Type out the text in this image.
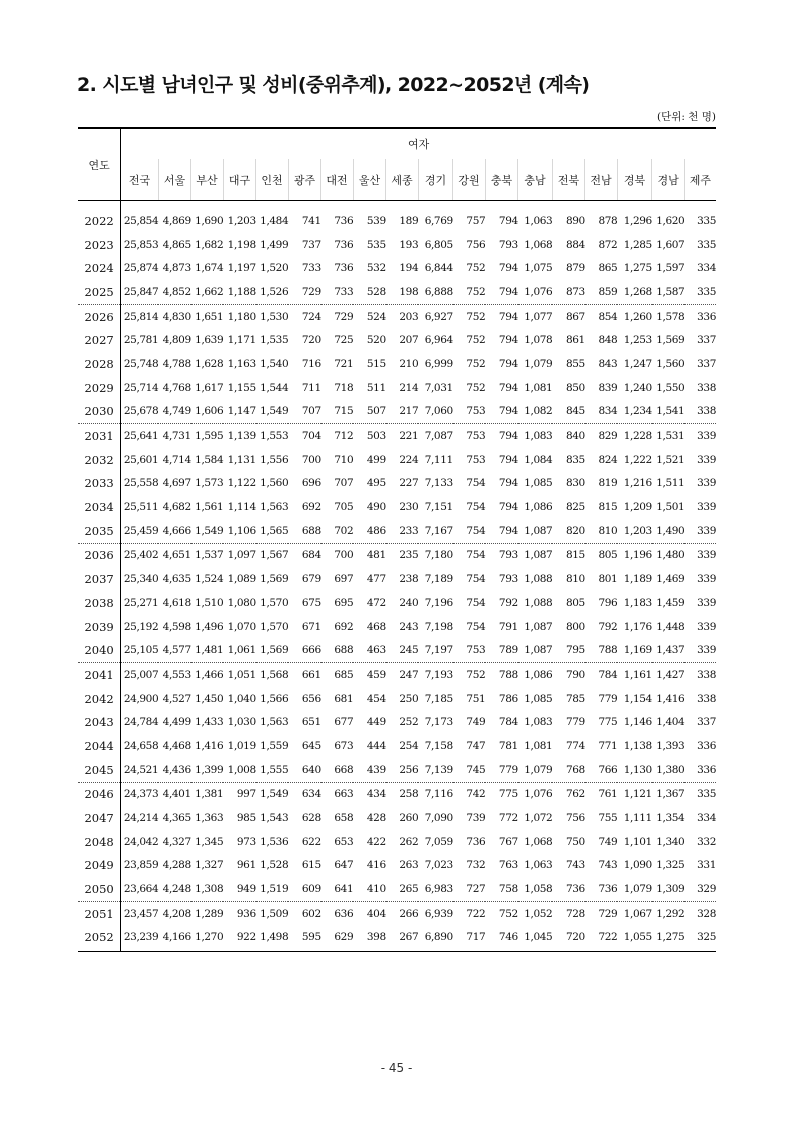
2. 시도별 남녀인구 및 성비(중위추계), 2022~2052년 (계속)
(단위: 천 명)
연도	여자																	
	전국	서울	부산	대구	인천	광주	대전	울산	세종	경기	강원	충북	충남	전북	전남	경북	경남	제주
2022	25,854	4,869	1,690	1,203	1,484	741	736	539	189	6,769	757	794	1,063	890	878	1,296	1,620	335
2023	25,853	4,865	1,682	1,198	1,499	737	736	535	193	6,805	756	793	1,068	884	872	1,285	1,607	335
2024	25,874	4,873	1,674	1,197	1,520	733	736	532	194	6,844	752	794	1,075	879	865	1,275	1,597	334
2025	25,847	4,852	1,662	1,188	1,526	729	733	528	198	6,888	752	794	1,076	873	859	1,268	1,587	335
2026	25,814	4,830	1,651	1,180	1,530	724	729	524	203	6,927	752	794	1,077	867	854	1,260	1,578	336
2027	25,781	4,809	1,639	1,171	1,535	720	725	520	207	6,964	752	794	1,078	861	848	1,253	1,569	337
2028	25,748	4,788	1,628	1,163	1,540	716	721	515	210	6,999	752	794	1,079	855	843	1,247	1,560	337
2029	25,714	4,768	1,617	1,155	1,544	711	718	511	214	7,031	752	794	1,081	850	839	1,240	1,550	338
2030	25,678	4,749	1,606	1,147	1,549	707	715	507	217	7,060	753	794	1,082	845	834	1,234	1,541	338
2031	25,641	4,731	1,595	1,139	1,553	704	712	503	221	7,087	753	794	1,083	840	829	1,228	1,531	339
2032	25,601	4,714	1,584	1,131	1,556	700	710	499	224	7,111	753	794	1,084	835	824	1,222	1,521	339
2033	25,558	4,697	1,573	1,122	1,560	696	707	495	227	7,133	754	794	1,085	830	819	1,216	1,511	339
2034	25,511	4,682	1,561	1,114	1,563	692	705	490	230	7,151	754	794	1,086	825	815	1,209	1,501	339
2035	25,459	4,666	1,549	1,106	1,565	688	702	486	233	7,167	754	794	1,087	820	810	1,203	1,490	339
2036	25,402	4,651	1,537	1,097	1,567	684	700	481	235	7,180	754	793	1,087	815	805	1,196	1,480	339
2037	25,340	4,635	1,524	1,089	1,569	679	697	477	238	7,189	754	793	1,088	810	801	1,189	1,469	339
2038	25,271	4,618	1,510	1,080	1,570	675	695	472	240	7,196	754	792	1,088	805	796	1,183	1,459	339
2039	25,192	4,598	1,496	1,070	1,570	671	692	468	243	7,198	754	791	1,087	800	792	1,176	1,448	339
2040	25,105	4,577	1,481	1,061	1,569	666	688	463	245	7,197	753	789	1,087	795	788	1,169	1,437	339
2041	25,007	4,553	1,466	1,051	1,568	661	685	459	247	7,193	752	788	1,086	790	784	1,161	1,427	338
2042	24,900	4,527	1,450	1,040	1,566	656	681	454	250	7,185	751	786	1,085	785	779	1,154	1,416	338
2043	24,784	4,499	1,433	1,030	1,563	651	677	449	252	7,173	749	784	1,083	779	775	1,146	1,404	337
2044	24,658	4,468	1,416	1,019	1,559	645	673	444	254	7,158	747	781	1,081	774	771	1,138	1,393	336
2045	24,521	4,436	1,399	1,008	1,555	640	668	439	256	7,139	745	779	1,079	768	766	1,130	1,380	336
2046	24,373	4,401	1,381	997	1,549	634	663	434	258	7,116	742	775	1,076	762	761	1,121	1,367	335
2047	24,214	4,365	1,363	985	1,543	628	658	428	260	7,090	739	772	1,072	756	755	1,111	1,354	334
2048	24,042	4,327	1,345	973	1,536	622	653	422	262	7,059	736	767	1,068	750	749	1,101	1,340	332
2049	23,859	4,288	1,327	961	1,528	615	647	416	263	7,023	732	763	1,063	743	743	1,090	1,325	331
2050	23,664	4,248	1,308	949	1,519	609	641	410	265	6,983	727	758	1,058	736	736	1,079	1,309	329
2051	23,457	4,208	1,289	936	1,509	602	636	404	266	6,939	722	752	1,052	728	729	1,067	1,292	328
2052	23,239	4,166	1,270	922	1,498	595	629	398	267	6,890	717	746	1,045	720	722	1,055	1,275	325
- 45 -
